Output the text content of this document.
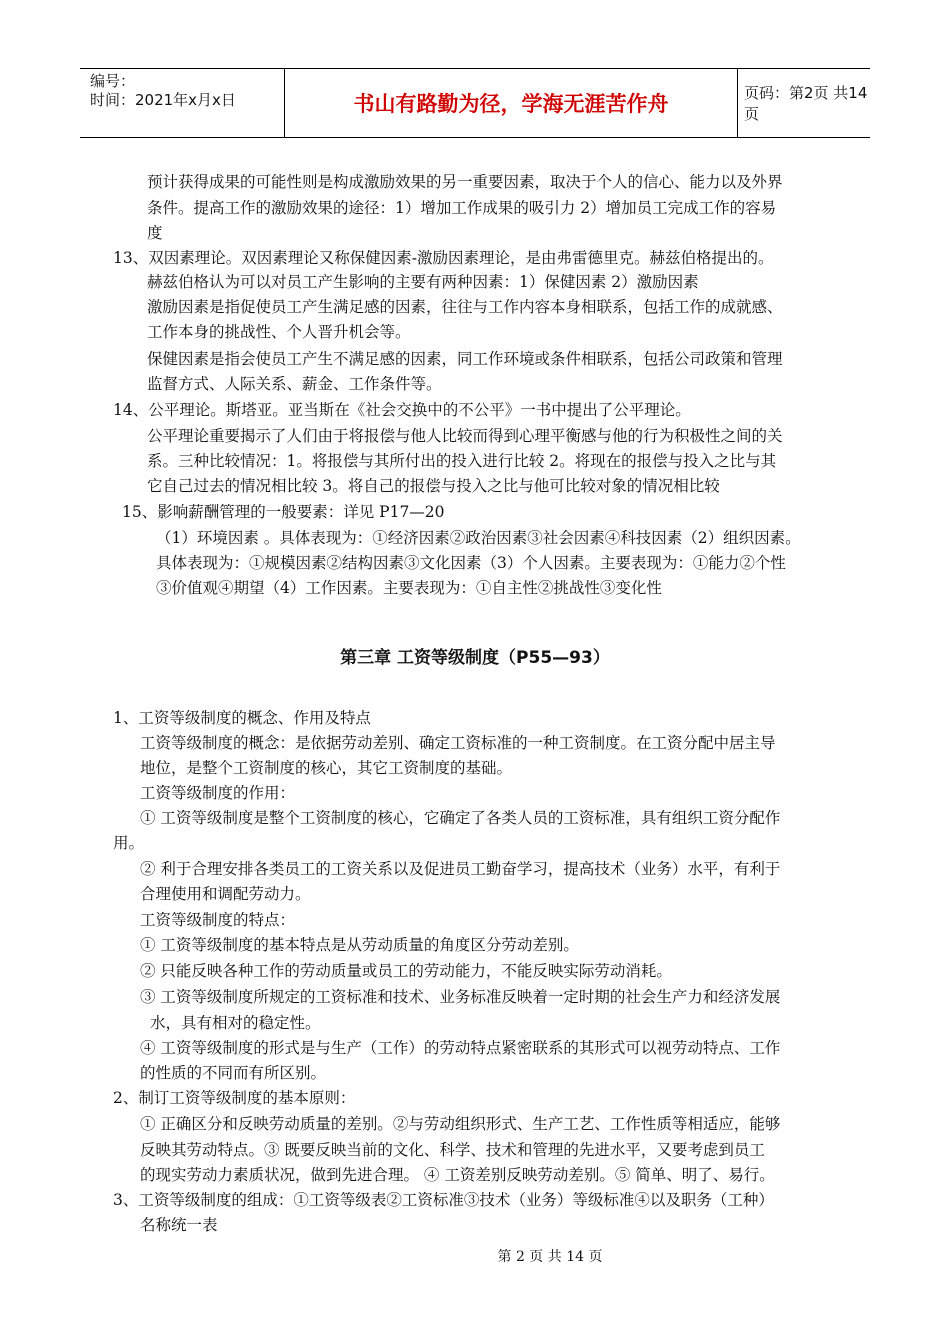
编号：
时间：2021年x月x日	书山有路勤为径，学海无涯苦作舟	页码：第2页 共14页
预计获得成果的可能性则是构成激励效果的另一重要因素，取决于个人的信心、能力以及外界
条件。提高工作的激励效果的途径：1）增加工作成果的吸引力 2）增加员工完成工作的容易
度
13、双因素理论。双因素理论又称保健因素-激励因素理论，是由弗雷德里克。赫兹伯格提出的。
赫兹伯格认为可以对员工产生影响的主要有两种因素：1）保健因素 2）激励因素
激励因素是指促使员工产生满足感的因素，往往与工作内容本身相联系，包括工作的成就感、
工作本身的挑战性、个人晋升机会等。
保健因素是指会使员工产生不满足感的因素，同工作环境或条件相联系，包括公司政策和管理
监督方式、人际关系、薪金、工作条件等。
14、公平理论。斯塔亚。亚当斯在《社会交换中的不公平》一书中提出了公平理论。
公平理论重要揭示了人们由于将报偿与他人比较而得到心理平衡感与他的行为积极性之间的关
系。三种比较情况：1。将报偿与其所付出的投入进行比较 2。将现在的报偿与投入之比与其
它自己过去的情况相比较 3。将自己的报偿与投入之比与他可比较对象的情况相比较
15、影响薪酬管理的一般要素：详见 P17—20
（1）环境因素 。具体表现为：①经济因素②政治因素③社会因素④科技因素（2）组织因素。
具体表现为：①规模因素②结构因素③文化因素（3）个人因素。主要表现为：①能力②个性
③价值观④期望（4）工作因素。主要表现为：①自主性②挑战性③变化性
第三章 工资等级制度（P55—93）
1、工资等级制度的概念、作用及特点
工资等级制度的概念：是依据劳动差别、确定工资标准的一种工资制度。在工资分配中居主导
地位，是整个工资制度的核心，其它工资制度的基础。
工资等级制度的作用：
① 工资等级制度是整个工资制度的核心，它确定了各类人员的工资标准，具有组织工资分配作
用。
② 利于合理安排各类员工的工资关系以及促进员工勤奋学习，提高技术（业务）水平，有利于
合理使用和调配劳动力。
工资等级制度的特点：
① 工资等级制度的基本特点是从劳动质量的角度区分劳动差别。
② 只能反映各种工作的劳动质量或员工的劳动能力，不能反映实际劳动消耗。
③ 工资等级制度所规定的工资标准和技术、业务标准反映着一定时期的社会生产力和经济发展
水，具有相对的稳定性。
④ 工资等级制度的形式是与生产（工作）的劳动特点紧密联系的其形式可以视劳动特点、工作
的性质的不同而有所区别。
2、制订工资等级制度的基本原则：
① 正确区分和反映劳动质量的差别。②与劳动组织形式、生产工艺、工作性质等相适应，能够
反映其劳动特点。③ 既要反映当前的文化、科学、技术和管理的先进水平，又要考虑到员工
的现实劳动力素质状况，做到先进合理。 ④ 工资差别反映劳动差别。⑤ 简单、明了、易行。
3、工资等级制度的组成：①工资等级表②工资标准③技术（业务）等级标准④以及职务（工种）
名称统一表
第 2 页 共 14 页
